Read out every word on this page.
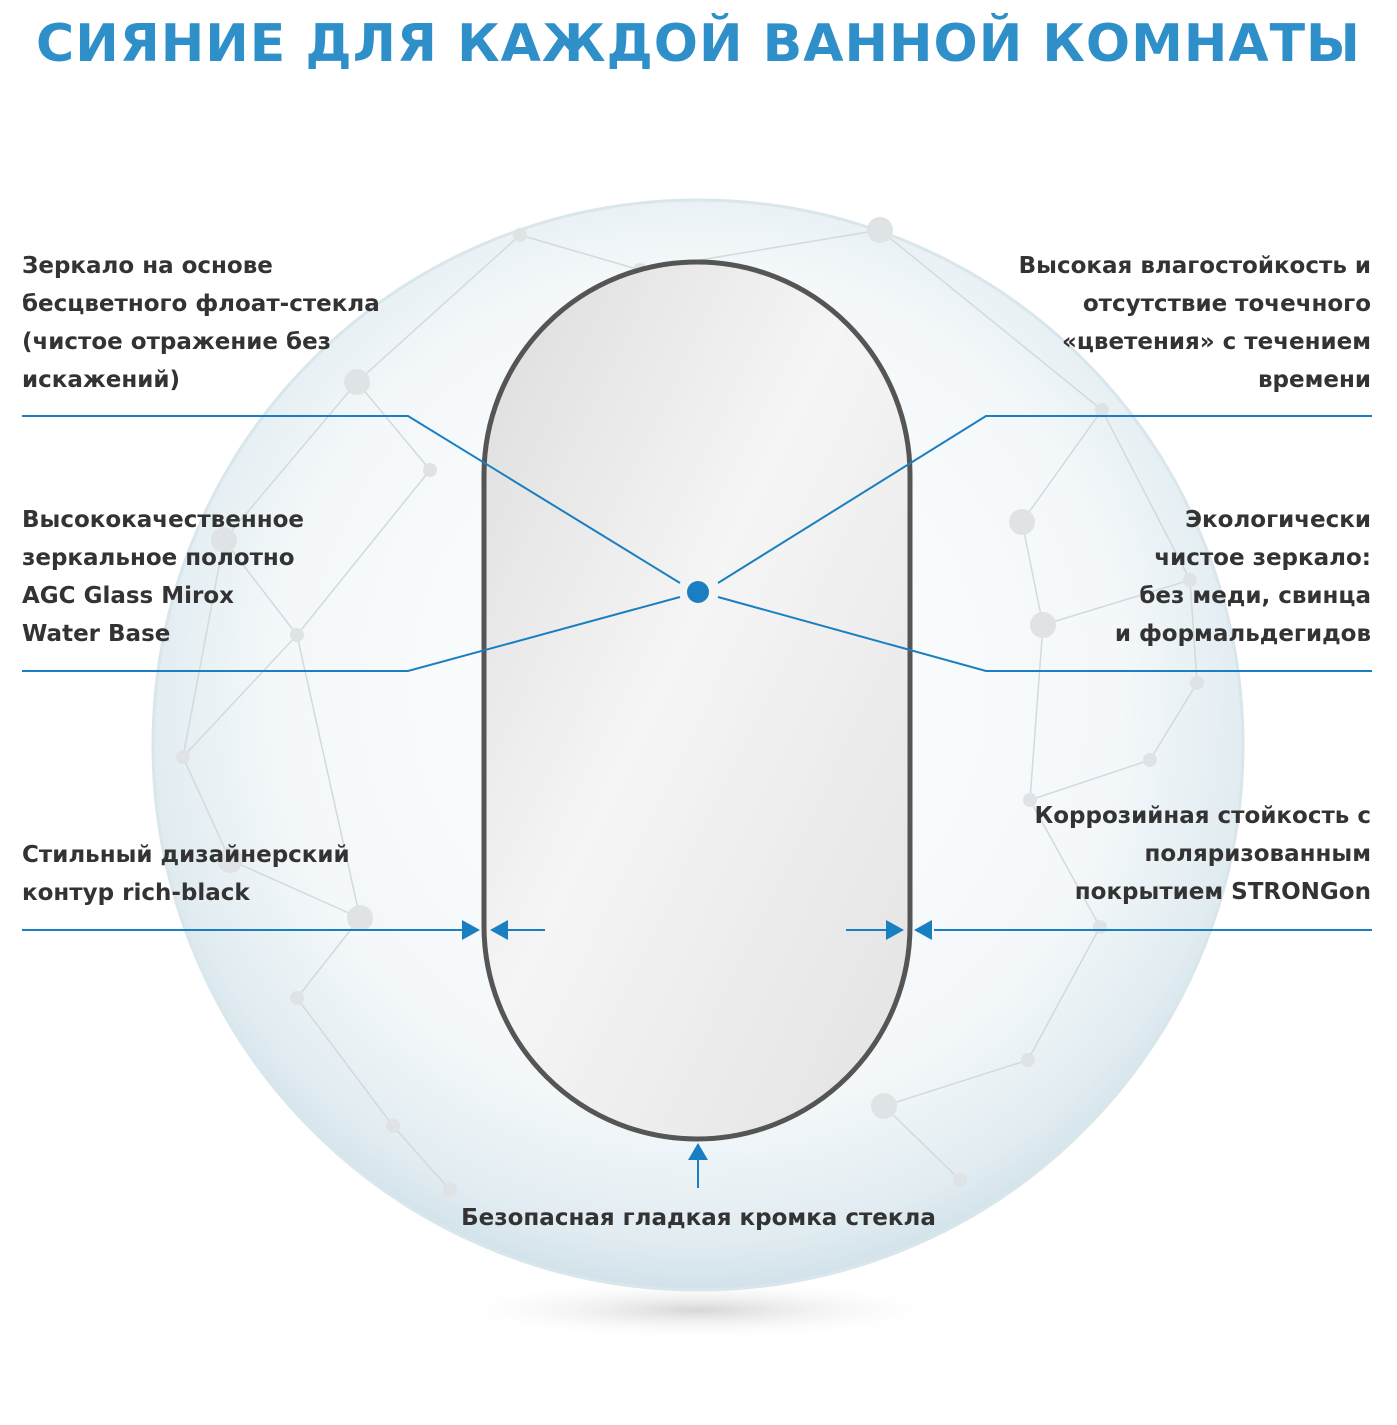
СИЯНИЕ ДЛЯ КАЖДОЙ ВАННОЙ КОМНАТЫ
Зеркало на основе
бесцветного флоат-стекла
(чистое отражение без
искажений)
Высококачественное
зеркальное полотно
AGC Glass Mirox
Water Base
Стильный дизайнерский
контур rich-black
Высокая влагостойкость и
отсутствие точечного
«цветения» с течением
времени
Экологически
чистое зеркало:
без меди, свинца
и формальдегидов
Коррозийная стойкость с
поляризованным
покрытием STRONGon
Безопасная гладкая кромка стекла
